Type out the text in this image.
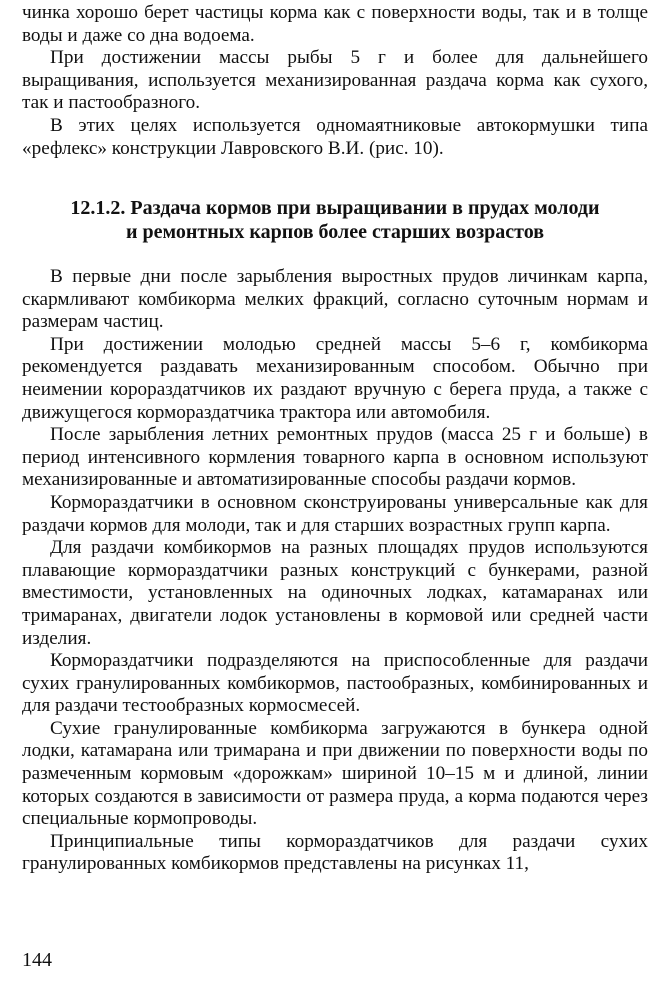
чинка хорошо берет частицы корма как с поверхности воды, так и в толще воды и даже со дна водоема.

При достижении массы рыбы 5 г и более для дальнейшего выращивания, используется механизированная раздача корма как сухого, так и пастообразного.

В этих целях используется одномаятниковые автокормушки типа «рефлекс» конструкции Лавровского В.И. (рис. 10).

12.1.2. Раздача кормов при выращивании в прудах молоди
и ремонтных карпов более старших возрастов

В первые дни после зарыбления выростных прудов личинкам карпа, скармливают комбикорма мелких фракций, согласно суточным нормам и размерам частиц.

При достижении молодью средней массы 5–6 г, комбикорма рекомендуется раздавать механизированным способом. Обычно при неимении корораздатчиков их раздают вручную с берега пруда, а также с движущегося кормораздатчика трактора или автомобиля.

После зарыбления летних ремонтных прудов (масса 25 г и больше) в период интенсивного кормления товарного карпа в основном используют механизированные и автоматизированные способы раздачи кормов.

Кормораздатчики в основном сконструированы универсальные как для раздачи кормов для молоди, так и для старших возрастных групп карпа.

Для раздачи комбикормов на разных площадях прудов используются плавающие кормораздатчики разных конструкций с бункерами, разной вместимости, установленных на одиночных лодках, катамаранах или тримаранах, двигатели лодок установлены в кормовой или средней части изделия.

Кормораздатчики подразделяются на приспособленные для раздачи сухих гранулированных комбикормов, пастообразных, комбинированных и для раздачи тестообразных кормосмесей.

Сухие гранулированные комбикорма загружаются в бункера одной лодки, катамарана или тримарана и при движении по поверхности воды по размеченным кормовым «дорожкам» шириной 10–15 м и длиной, линии которых создаются в зависимости от размера пруда, а корма подаются через специальные кормопроводы.

Принципиальные типы кормораздатчиков для раздачи сухих гранулированных комбикормов представлены на рисунках 11,

144
